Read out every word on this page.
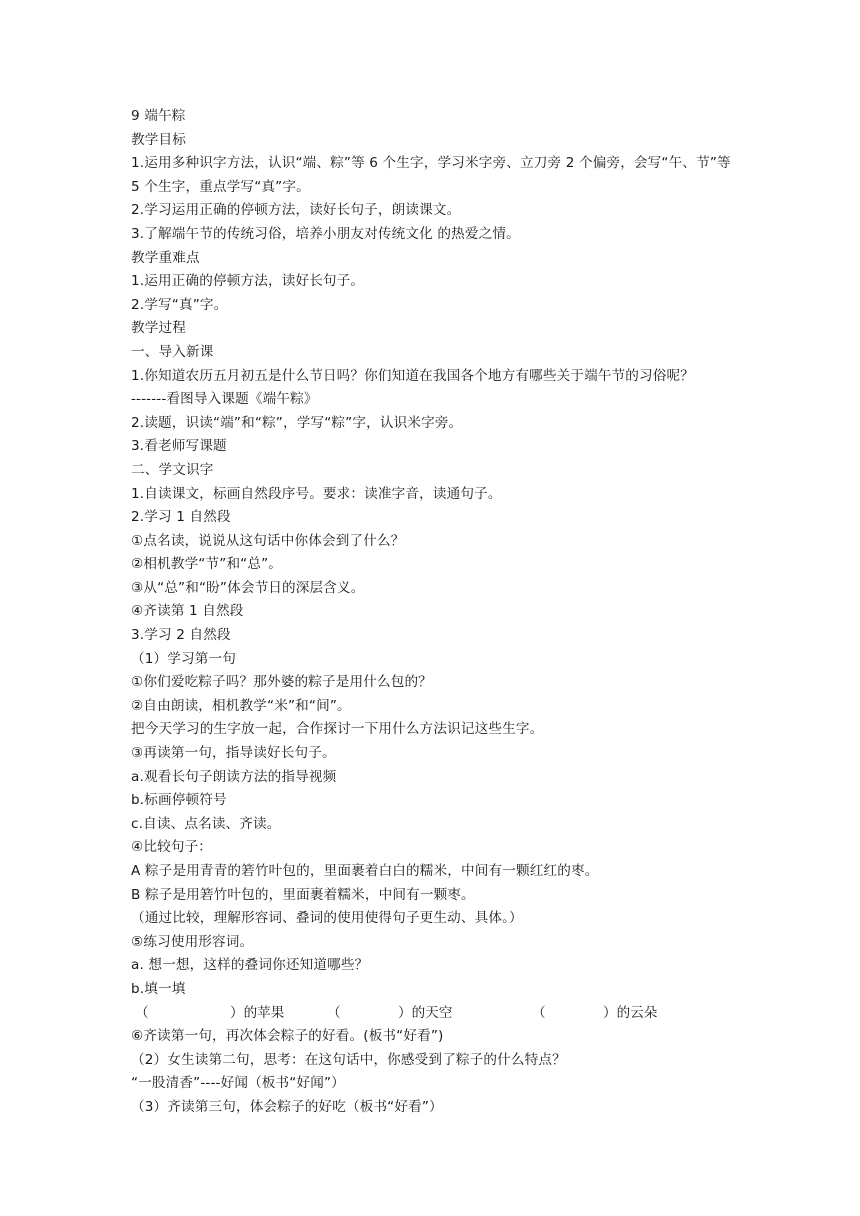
9 端午粽
教学目标
1.运用多种识字方法，认识“端、粽”等 6 个生字，学习米字旁、立刀旁 2 个偏旁，会写“午、节”等 5 个生字，重点学写“真”字。
2.学习运用正确的停顿方法，读好长句子，朗读课文。
3.了解端午节的传统习俗，培养小朋友对传统文化 的热爱之情。
教学重难点
1.运用正确的停顿方法，读好长句子。
2.学写“真”字。
教学过程
一、导入新课
1.你知道农历五月初五是什么节日吗？你们知道在我国各个地方有哪些关于端午节的习俗呢？
-------看图导入课题《端午粽》
2.读题，识读“端”和“粽”，学写“粽”字，认识米字旁。
3.看老师写课题
二、学文识字
1.自读课文，标画自然段序号。要求：读准字音，读通句子。
2.学习 1 自然段
①点名读，说说从这句话中你体会到了什么？
②相机教学“节”和“总”。
③从“总”和“盼”体会节日的深层含义。
④齐读第 1 自然段
3.学习 2 自然段
（1）学习第一句
①你们爱吃粽子吗？那外婆的粽子是用什么包的？
②自由朗读，相机教学“米”和“间”。
把今天学习的生字放一起，合作探讨一下用什么方法识记这些生字。
③再读第一句，指导读好长句子。
a.观看长句子朗读方法的指导视频
b.标画停顿符号
c.自读、点名读、齐读。
④比较句子：
A 粽子是用青青的箬竹叶包的，里面裹着白白的糯米，中间有一颗红红的枣。
B 粽子是用箬竹叶包的，里面裹着糯米，中间有一颗枣。
（通过比较，理解形容词、叠词的使用使得句子更生动、具体。）
⑤练习使用形容词。
a. 想一想，这样的叠词你还知道哪些？
b.填一填
（	）的苹果	（	）的天空	（	）的云朵
⑥齐读第一句，再次体会粽子的好看。(板书“好看”)
（2）女生读第二句，思考：在这句话中，你感受到了粽子的什么特点？
“一股清香”----好闻（板书“好闻”）
（3）齐读第三句，体会粽子的好吃（板书“好看”）
